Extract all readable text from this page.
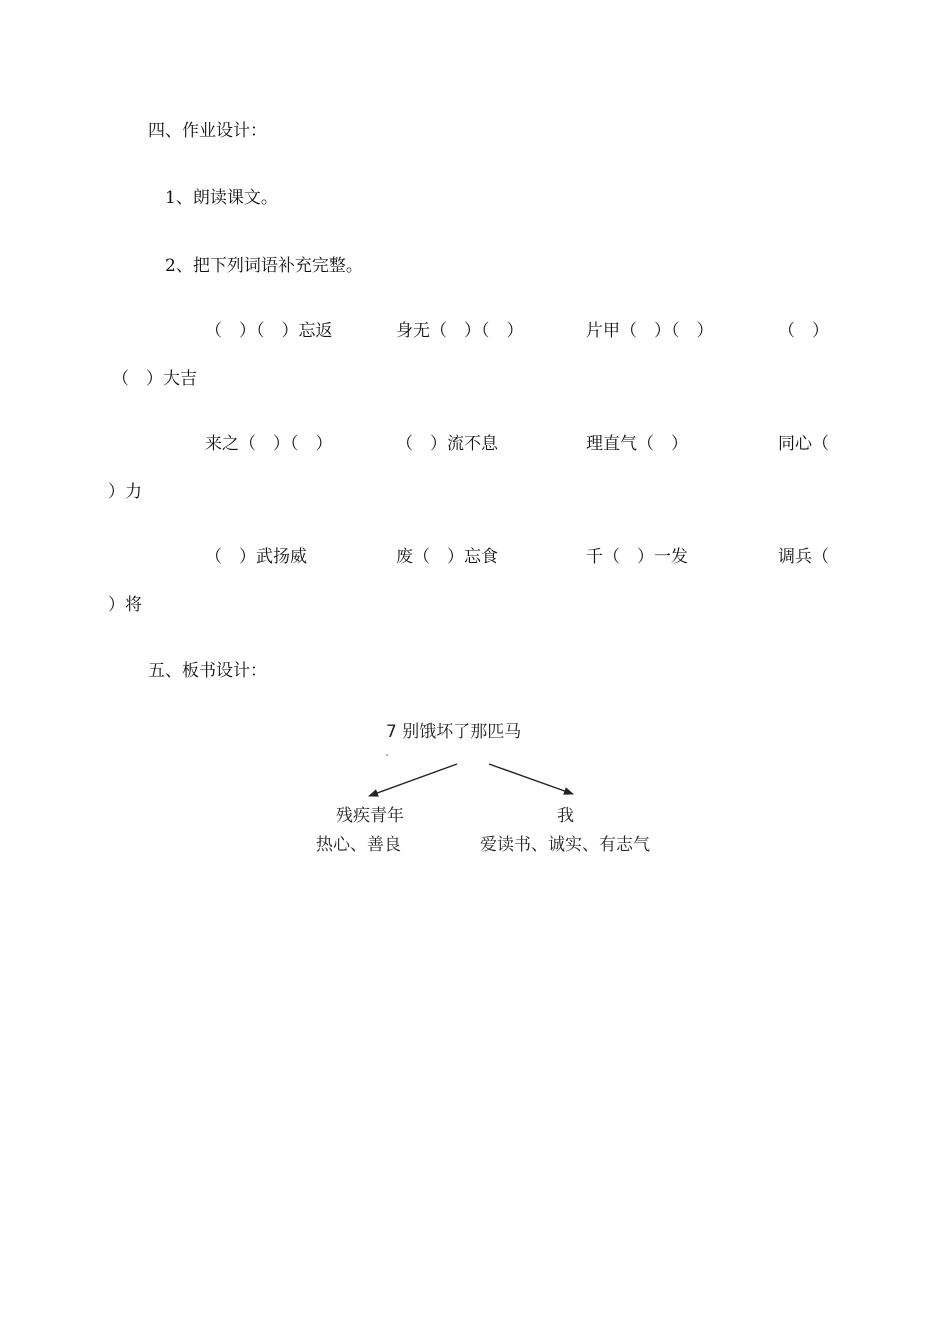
四、作业设计：
1、朗读课文。
2、把下列词语补充完整。
（　）（　）忘返	身无（　）（　）	片甲（　）（　）	（　）
（　）大吉
来之（　）（　）	（　）流不息	理直气（　）	同心（
）力
（　）武扬威	废（　）忘食	千（　）一发	调兵（
）将
五、板书设计：
7 别饿坏了那匹马
残疾青年
热心、善良
我
爱读书、诚实、有志气
